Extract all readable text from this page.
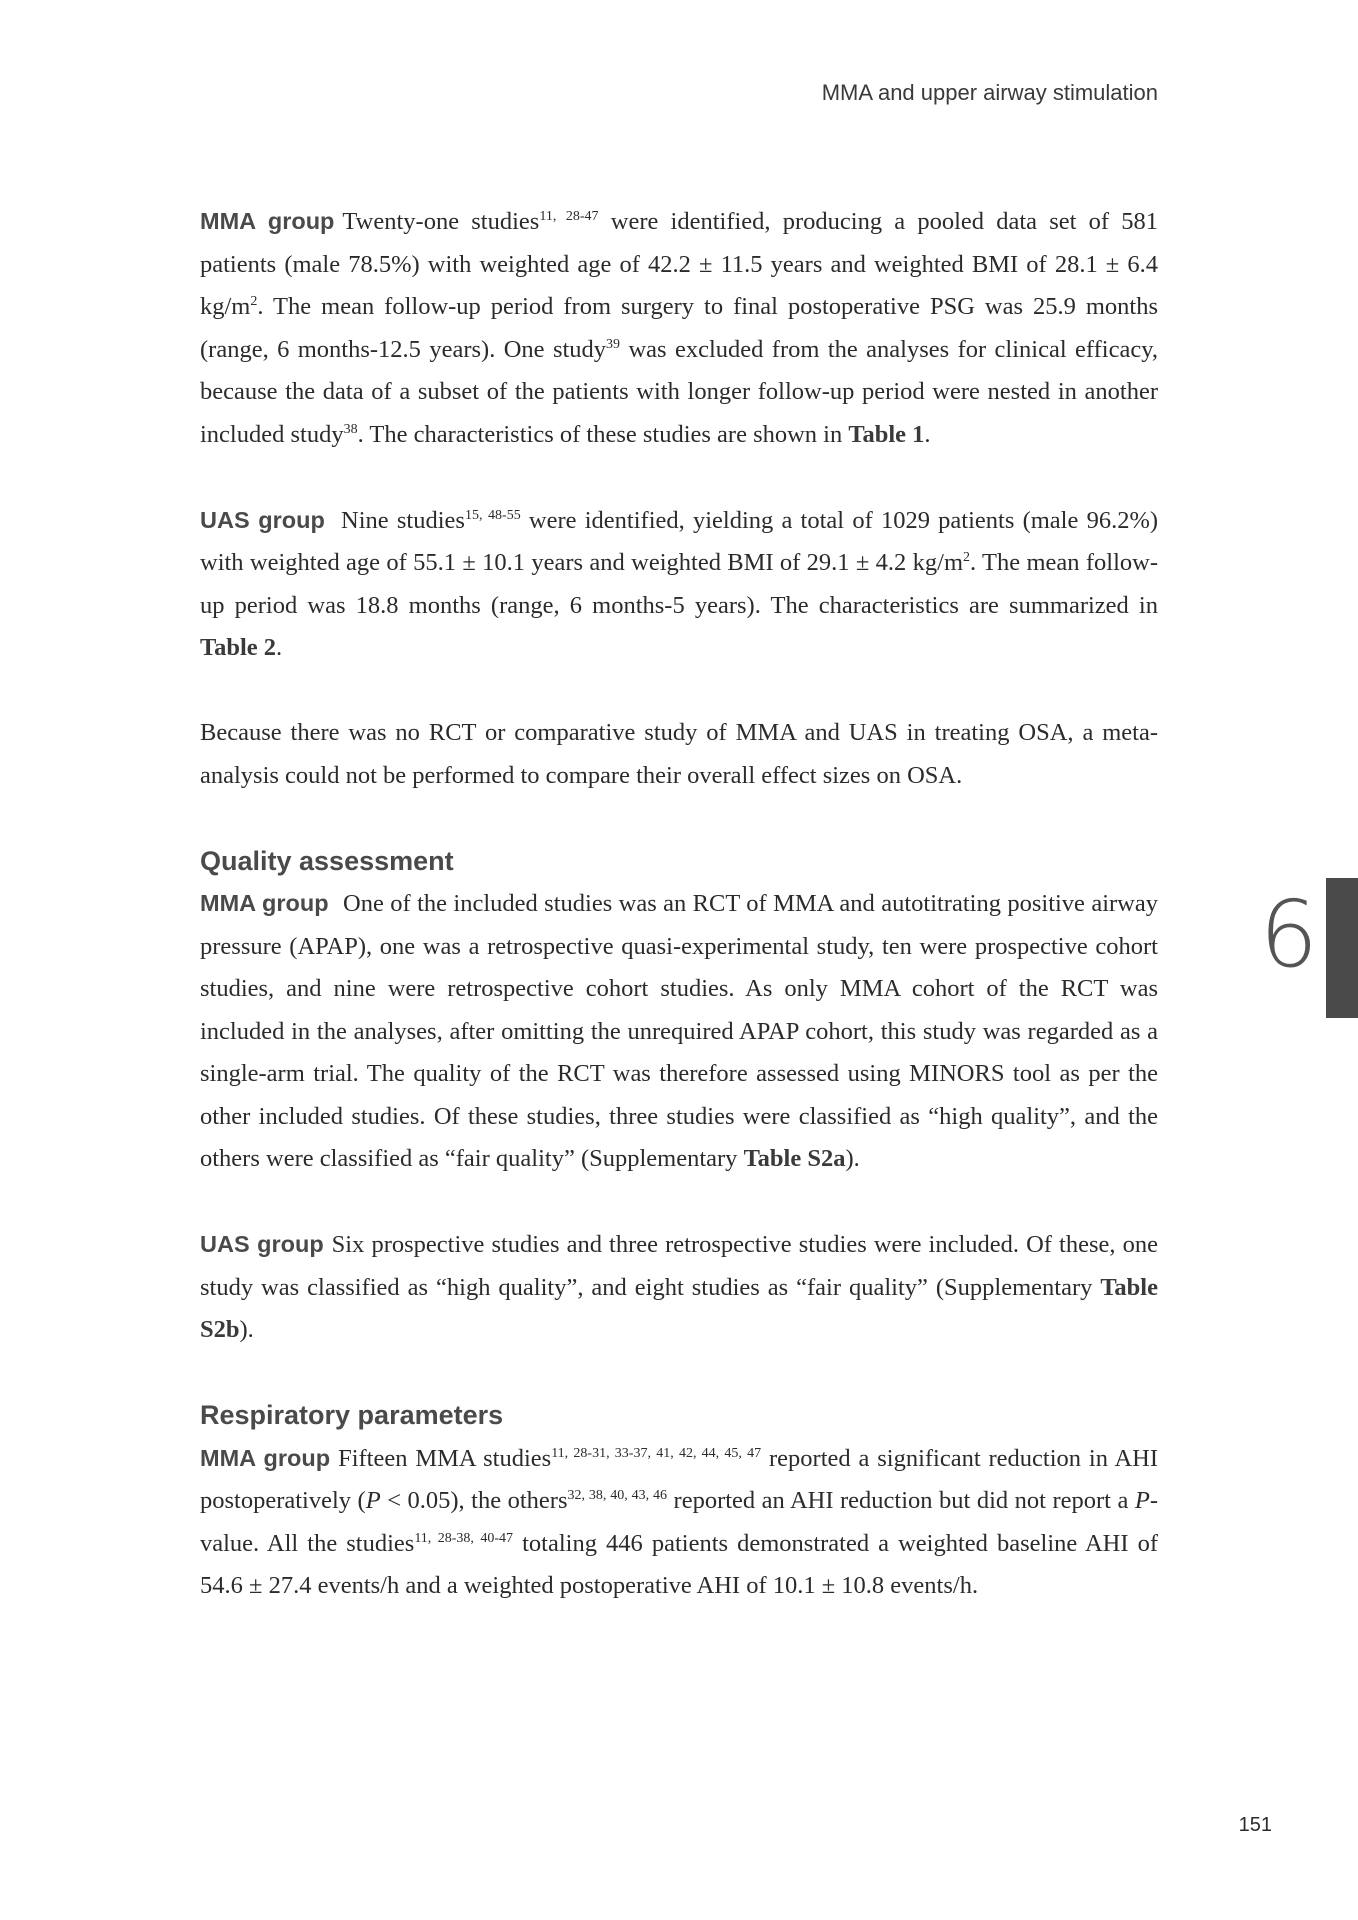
MMA and upper airway stimulation
6

MMA group Twenty-one studies$^{11, 28-47}$ were identified, producing a pooled data set of 581 patients (male 78.5%) with weighted age of 42.2 ± 11.5 years and weighted BMI of 28.1 ± 6.4 $kg/m^2$. The mean follow-up period from surgery to final postoperative PSG was 25.9 months (range, 6 months-12.5 years). One study$^{39}$ was excluded from the analyses for clinical efficacy, because the data of a subset of the patients with longer follow-up period were nested in another included study$^{38}$. The characteristics of these studies are shown in Table 1.

UAS group Nine studies$^{15, 48-55}$ were identified, yielding a total of 1029 patients (male 96.2%) with weighted age of 55.1 ± 10.1 years and weighted BMI of 29.1 ± 4.2 $kg/m^2$. The mean follow-up period was 18.8 months (range, 6 months-5 years). The characteristics are summarized in Table 2.

Because there was no RCT or comparative study of MMA and UAS in treating OSA, a meta-analysis could not be performed to compare their overall effect sizes on OSA.

Quality assessment

MMA group One of the included studies was an RCT of MMA and autotitrating positive airway pressure (APAP), one was a retrospective quasi-experimental study, ten were prospective cohort studies, and nine were retrospective cohort studies. As only MMA cohort of the RCT was included in the analyses, after omitting the unrequired APAP cohort, this study was regarded as a single-arm trial. The quality of the RCT was therefore assessed using MINORS tool as per the other included studies. Of these studies, three studies were classified as “high quality”, and the others were classified as “fair quality” (Supplementary Table S2a).

UAS group Six prospective studies and three retrospective studies were included. Of these, one study was classified as “high quality”, and eight studies as “fair quality” (Supplementary Table S2b).

Respiratory parameters

MMA group Fifteen MMA studies$^{11, 28-31, 33-37, 41, 42, 44, 45, 47}$ reported a significant reduction in AHI postoperatively (P < 0.05), the others$^{32, 38, 40, 43, 46}$ reported an AHI reduction but did not report a P-value. All the studies$^{11, 28-38, 40-47}$ totaling 446 patients demonstrated a weighted baseline AHI of 54.6 ± 27.4 events/h and a weighted postoperative AHI of 10.1 ± 10.8 events/h.

151
